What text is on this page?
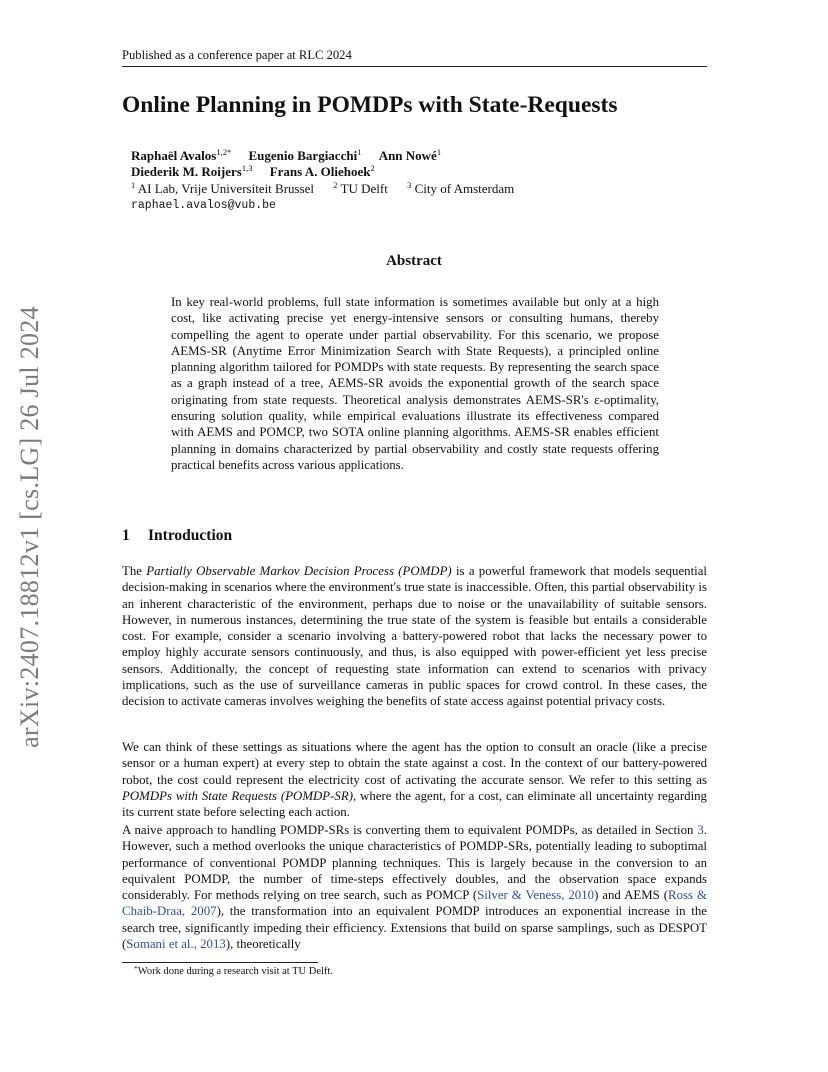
arXiv:2407.18812v1 [cs.LG] 26 Jul 2024
Published as a conference paper at RLC 2024
Online Planning in POMDPs with State-Requests
Raphaël Avalos$^{1,2*}$ Eugenio Bargiacchi$^1$ Ann Nowé$^1$
Diederik M. Roijers$^{1,3}$ Frans A. Oliehoek$^2$
$^1$ AI Lab, Vrije Universiteit Brussel $^2$ TU Delft $^3$ City of Amsterdam
raphael.avalos@vub.be
Abstract
In key real-world problems, full state information is sometimes available but only at a high cost, like activating precise yet energy-intensive sensors or consulting humans, thereby compelling the agent to operate under partial observability. For this scenario, we propose AEMS-SR (Anytime Error Minimization Search with State Requests), a principled online planning algorithm tailored for POMDPs with state requests. By representing the search space as a graph instead of a tree, AEMS-SR avoids the exponential growth of the search space originating from state requests. Theoretical analysis demonstrates AEMS-SR's ε-optimality, ensuring solution quality, while empirical evaluations illustrate its effectiveness compared with AEMS and POMCP, two SOTA online planning algorithms. AEMS-SR enables efficient planning in domains characterized by partial observability and costly state requests offering practical benefits across various applications.
1 Introduction

The Partially Observable Markov Decision Process (POMDP) is a powerful framework that models sequential decision-making in scenarios where the environment's true state is inaccessible. Often, this partial observability is an inherent characteristic of the environment, perhaps due to noise or the unavailability of suitable sensors. However, in numerous instances, determining the true state of the system is feasible but entails a considerable cost. For example, consider a scenario involving a battery-powered robot that lacks the necessary power to employ highly accurate sensors continuously, and thus, is also equipped with power-efficient yet less precise sensors. Additionally, the concept of requesting state information can extend to scenarios with privacy implications, such as the use of surveillance cameras in public spaces for crowd control. In these cases, the decision to activate cameras involves weighing the benefits of state access against potential privacy costs.

We can think of these settings as situations where the agent has the option to consult an oracle (like a precise sensor or a human expert) at every step to obtain the state against a cost. In the context of our battery-powered robot, the cost could represent the electricity cost of activating the accurate sensor. We refer to this setting as POMDPs with State Requests (POMDP-SR), where the agent, for a cost, can eliminate all uncertainty regarding its current state before selecting each action.

A naive approach to handling POMDP-SRs is converting them to equivalent POMDPs, as detailed in Section 3. However, such a method overlooks the unique characteristics of POMDP-SRs, potentially leading to suboptimal performance of conventional POMDP planning techniques. This is largely because in the conversion to an equivalent POMDP, the number of time-steps effectively doubles, and the observation space expands considerably. For methods relying on tree search, such as POMCP (Silver & Veness, 2010) and AEMS (Ross & Chaib-Draa, 2007), the transformation into an equivalent POMDP introduces an exponential increase in the search tree, significantly impeding their efficiency. Extensions that build on sparse samplings, such as DESPOT (Somani et al., 2013), theoretically

*Work done during a research visit at TU Delft.
